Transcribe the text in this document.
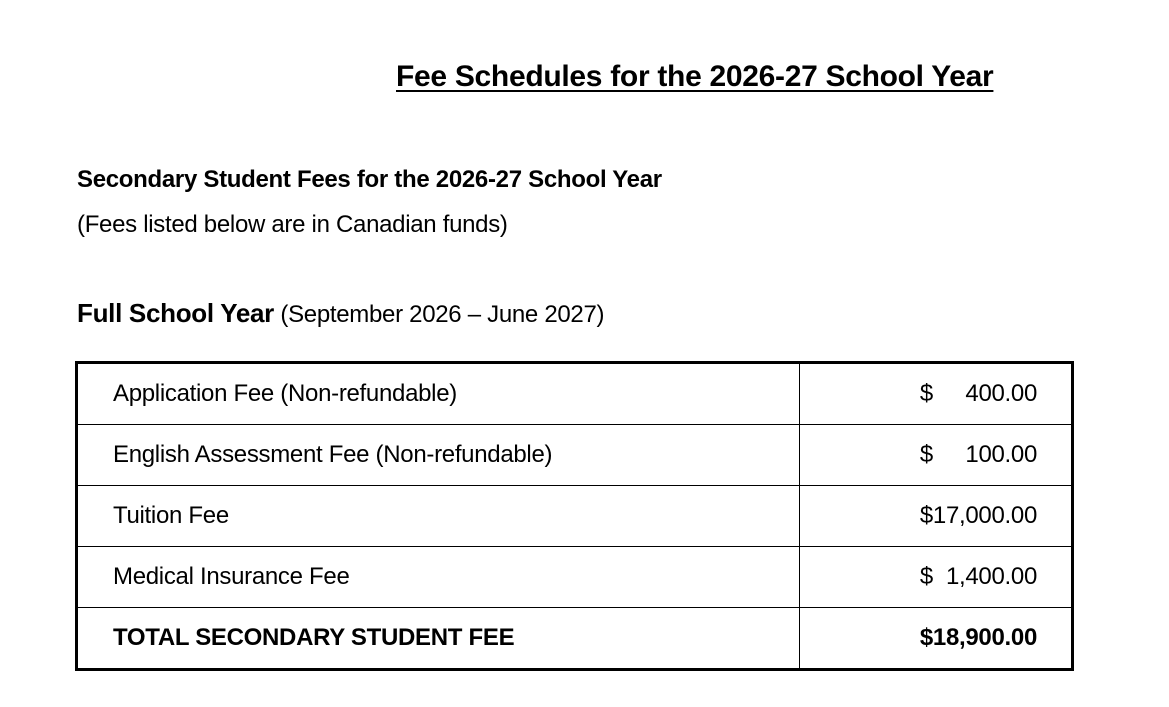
Fee Schedules for the 2026-27 School Year
Secondary Student Fees for the 2026-27 School Year
(Fees listed below are in Canadian funds)
Full School Year (September 2026 – June 2027)
Application Fee (Non-refundable)	$ 400.00

English Assessment Fee (Non-refundable)	$ 100.00

Tuition Fee	$ 17,000.00

Medical Insurance Fee	$ 1,400.00

TOTAL SECONDARY STUDENT FEE	$ 18,900.00
